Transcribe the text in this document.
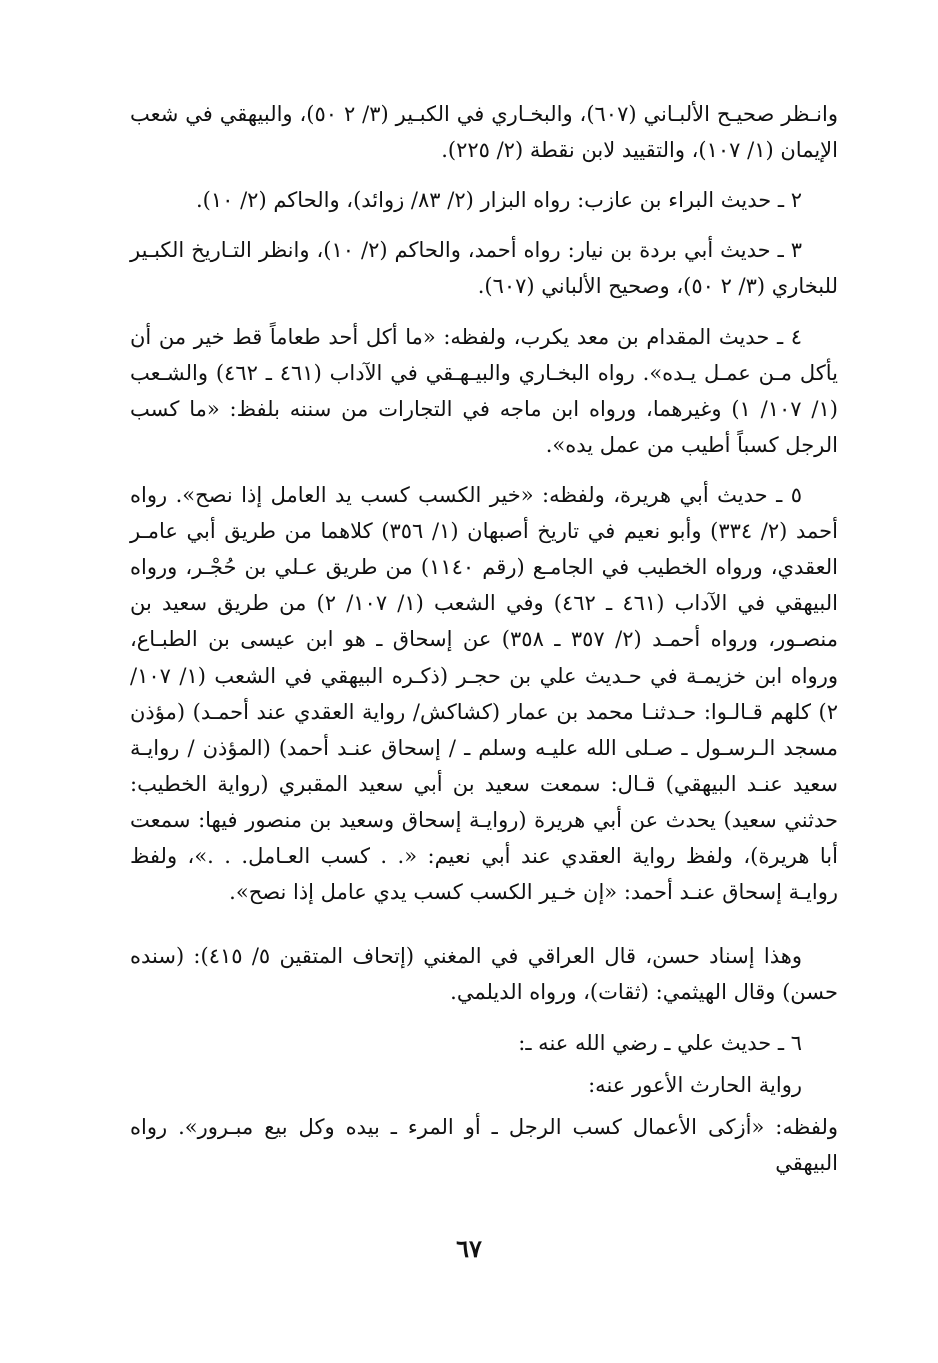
وانـظر صحيـح الألبـاني (٦٠٧)، والبخـاري في الكبـير (٣/ ٢ ٥٠)، والبيهقي في شعب الإيمان (١/ ١٠٧)، والتقييد لابن نقطة (٢/ ٢٢٥).

٢ ـ حديث البراء بن عازب: رواه البزار (٢/ ٨٣/ زوائد)، والحاكم (٢/ ١٠).

٣ ـ حديث أبي بردة بن نيار: رواه أحمد، والحاكم (٢/ ١٠)، وانظر التـاريخ الكبـير للبخاري (٣/ ٢ ٥٠)، وصحيح الألباني (٦٠٧).

٤ ـ حديث المقدام بن معد يكرب، ولفظه: «ما أكل أحد طعاماً قط خير من أن يأكل مـن عمـل يـده». رواه البخـاري والبيـهـقي في الآداب (٤٦١ ـ ٤٦٢) والشـعب (١/ ١٠٧/ ١) وغيرهما، ورواه ابن ماجه في التجارات من سننه بلفظ: «ما كسب الرجل كسباً أطيب من عمل يده».

٥ ـ حديث أبي هريرة، ولفظه: «خير الكسب كسب يد العامل إذا نصح». رواه أحمد (٢/ ٣٣٤) وأبو نعيم في تاريخ أصبهان (١/ ٣٥٦) كلاهما من طريق أبي عامـر العقدي، ورواه الخطيب في الجامـع (رقم ١١٤٠) من طريق عـلي بن حُجْـر، ورواه البيهقي في الآداب (٤٦١ ـ ٤٦٢) وفي الشعب (١/ ١٠٧/ ٢) من طريق سعيد بن منصـور، ورواه أحمـد (٢/ ٣٥٧ ـ ٣٥٨) عن إسحاق ـ هو ابن عيسى بن الطبـاع، ورواه ابن خزيمـة في حـديث علي بن حجـر (ذكـره البيهقي في الشعب (١/ ١٠٧/ ٢) كلهم قـالـوا: حـدثنـا محمد بن عمار (كشاكش/ رواية العقدي عند أحمـد) (مؤذن مسجد الـرسـول ـ صـلى الله عليـه وسلم ـ / إسحاق عنـد أحمد) (المؤذن / روايـة سعيد عنـد البيهقي) قـال: سمعت سعيد بن أبي سعيد المقبري (رواية الخطيب: حدثني سعيد) يحدث عن أبي هريرة (روايـة إسحاق وسعيد بن منصور فيها: سمعت أبا هريرة)، ولفظ رواية العقدي عند أبي نعيم: «. . كسب العـامل. . .»، ولفظ روايـة إسحاق عنـد أحمد: «إن خـير الكسب كسب يدي عامل إذا نصح».

وهذا إسناد حسن، قال العراقي في المغني (إتحاف المتقين ٥/ ٤١٥): (سنده حسن) وقال الهيثمي: (ثقات)، ورواه الديلمي.

٦ ـ حديث علي ـ رضي الله عنه ـ:

رواية الحارث الأعور عنه:

ولفظه: «أزكى الأعمال كسب الرجل ـ أو المرء ـ بيده وكل بيع مبـرور». رواه البيهقي

٦٧
